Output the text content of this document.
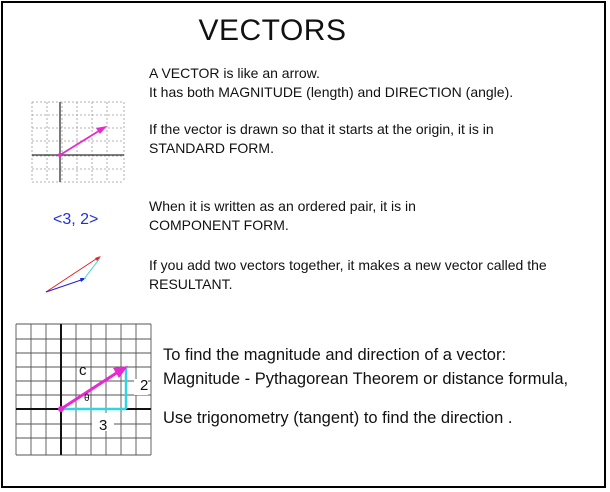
VECTORS
A VECTOR is like an arrow.
It has both MAGNITUDE (length) and DIRECTION (angle).
If the vector is drawn so that it starts at the origin, it is in
STANDARD FORM.
When it is written as an ordered pair, it is in
COMPONENT FORM.
<3, 2>
If you add two vectors together, it makes a new vector called the
RESULTANT.
To find the magnitude and direction of a vector:
Magnitude - Pythagorean Theorem or distance formula,
Use trigonometry (tangent) to find the direction .
c
2
3
θ
